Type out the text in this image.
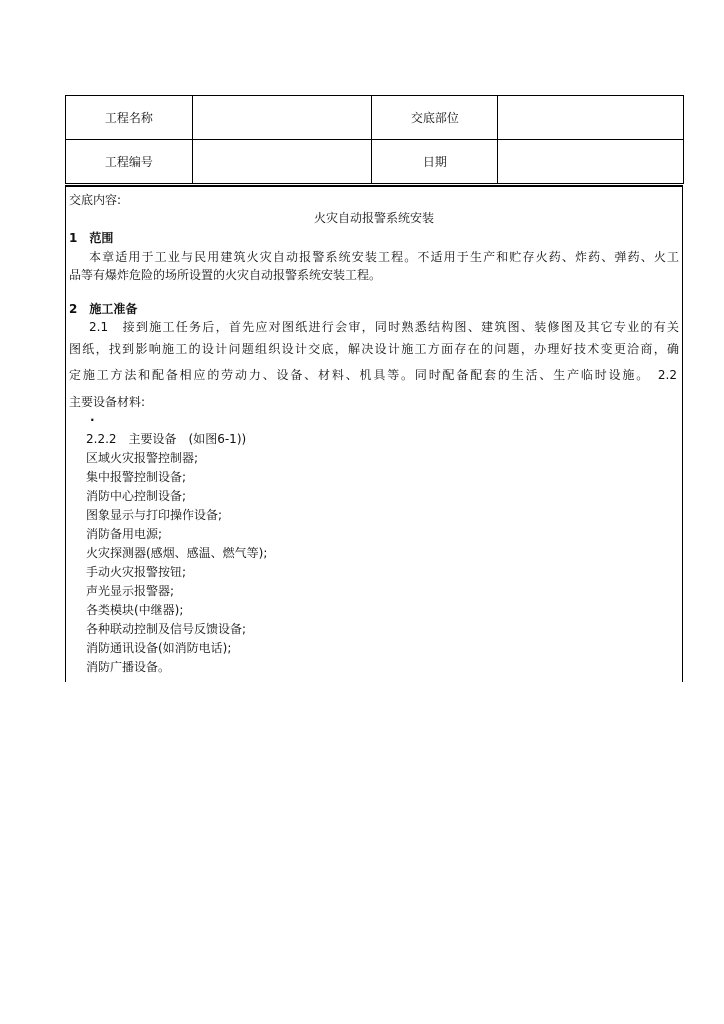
工程名称		交底部位	
工程编号		日期	
交底内容:
火灾自动报警系统安装
1　范围
本章适用于工业与民用建筑火灾自动报警系统安装工程。不适用于生产和贮存火药、炸药、弹药、火工
品等有爆炸危险的场所设置的火灾自动报警系统安装工程。
2　施工准备
2.1　接到施工任务后，首先应对图纸进行会审，同时熟悉结构图、建筑图、装修图及其它专业的有关
图纸，找到影响施工的设计问题组织设计交底，解决设计施工方面存在的问题，办理好技术变更洽商，确
定施工方法和配备相应的劳动力、设备、材料、机具等。同时配备配套的生活、生产临时设施。　2.2
主要设备材料:
·
2.2.2　主要设备　(如图6-1))
区域火灾报警控制器;
集中报警控制设备;
消防中心控制设备;
图象显示与打印操作设备;
消防备用电源;
火灾探测器(感烟、感温、燃气等);
手动火灾报警按钮;
声光显示报警器;
各类模块(中继器);
各种联动控制及信号反馈设备;
消防通讯设备(如消防电话);
消防广播设备。
